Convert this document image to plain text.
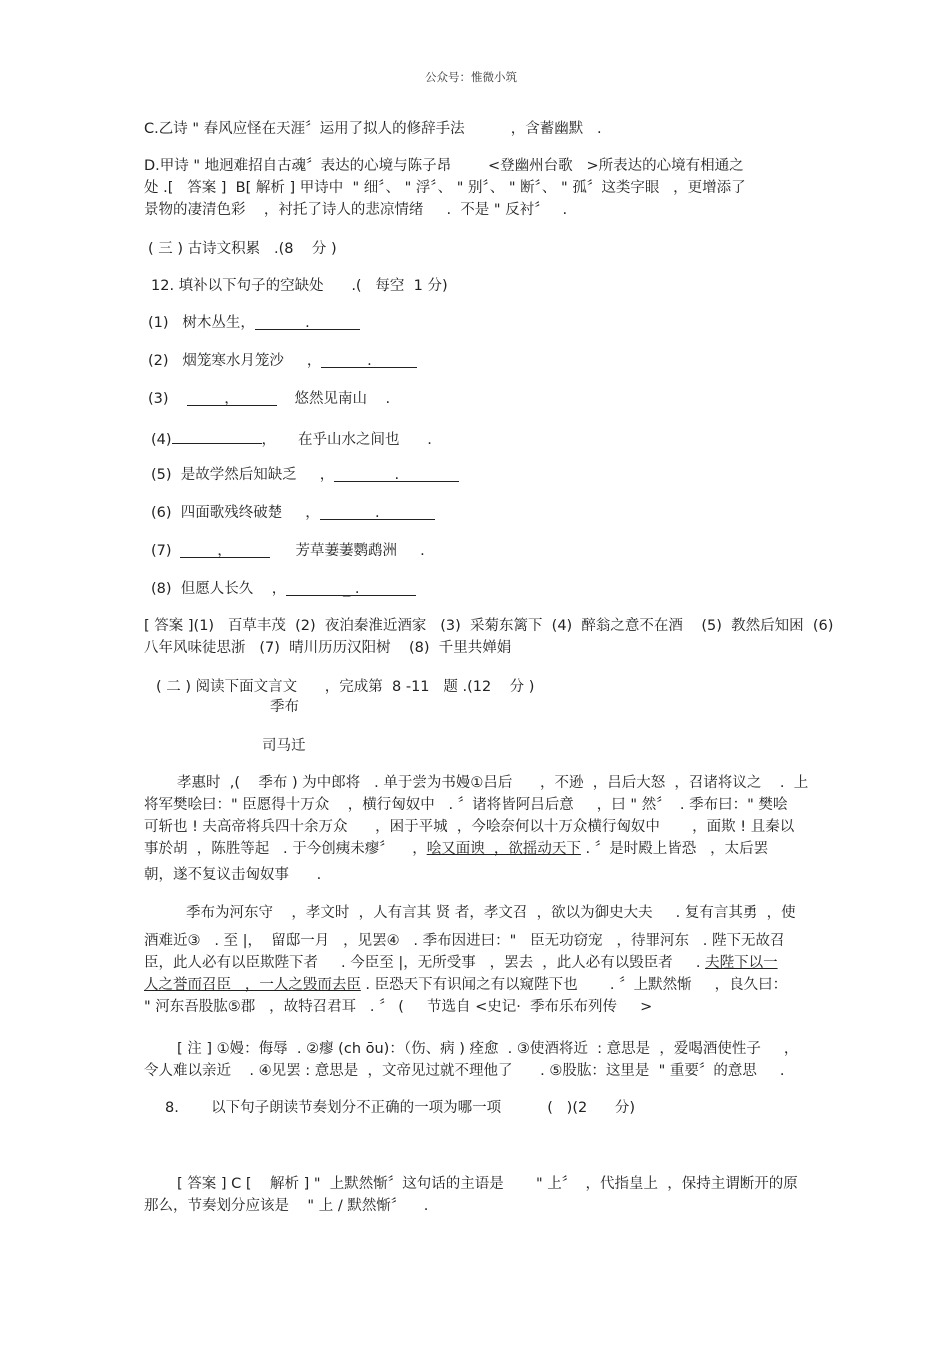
公众号：惟微小筑
C.乙诗 " 春风应怪在天涯〞运用了拟人的修辞手法          ，含蓄幽默   .
D.甲诗 " 地迥难招自古魂〞表达的心境与陈子昂        <登幽州台歌   >所表达的心境有相通之
处 .[   答案 ]  B[ 解析 ] 甲诗中  " 细〞、 " 浮〞、 " 别〞、 " 断〞、 " 孤〞这类字眼   ，更增添了
景物的凄清色彩    ，衬托了诗人的悲凉情绪     .  不是 " 反衬〞   .
( 三 ) 古诗文积累   .(8    分 )
12. 填补以下句子的空缺处      .(   每空  1 分)
(1)   树木丛生，	.
(2)   烟笼寒水月笼沙     ，	.
(3)	，	悠然见南山    .
(4)	， 在乎山水之间也      .
(5)  是故学然后知缺乏     ，	.
(6)  四面歌残终破楚     ，	.
(7)	，	芳草萋萋鹦鹉洲     .
(8)  但愿人长久    ，	_ .
[ 答案 ](1)   百草丰茂  (2)  夜泊秦淮近酒家   (3)  采菊东篱下  (4)  醉翁之意不在酒    (5)  教然后知困  (6)
八年风味徒思浙   (7)  晴川历历汉阳树    (8)  千里共婵娟
( 二 ) 阅读下面文言文      ，完成第  8 -11   题 .(12    分 )
季布
司马迁
孝惠时  ,(    季布 ) 为中郎将   . 单于尝为书嫚①吕后      ，不逊  ，吕后大怒  ，召诸将议之    .  上
将军樊哙曰：" 臣愿得十万众    ，横行匈奴中   . 〞诸将皆阿吕后意     ，曰 " 然〞  . 季布曰：" 樊哙
可斩也 ! 夫高帝将兵四十余万众      ，困于平城  ，今哙奈何以十万众横行匈奴中       ，面欺 ! 且秦以
事於胡  ，陈胜等起   . 于今创痍未瘳〞    ，哙又面谀  ，欲摇动天下 . 〞是时殿上皆恐   ，太后罢
朝，遂不复议击匈奴事      .
季布为河东守    ，孝文时  ，人有言其 贤 者，孝文召  ，欲以为御史大夫     . 复有言其勇  ，使
酒难近③   . 至 |，  留邸一月   ，见罢④   . 季布因进曰："   臣无功窃宠   ，待罪河东   . 陛下无故召
臣，此人必有以臣欺陛下者     . 今臣至 |，无所受事   ，罢去  ，此人必有以毁臣者     . 夫陛下以一
人之誉而召臣   ，一人之毁而去臣 . 臣恐天下有识闻之有以窥陛下也       . 〞上默然惭     ，良久曰：
" 河东吾股肱⑤郡   ，故特召君耳   . 〞 (     节选自 <史记·  季布乐布列传     >
[ 注 ] ①嫚：侮辱  . ②瘳 (ch ōu)：（伤、病 ) 痊愈  . ③使酒将近  : 意思是  ，爱喝酒使性子     ，
令人难以亲近    . ④见罢 : 意思是  ，文帝见过就不理他了      . ⑤股肱：这里是  " 重要〞的意思     .
8.       以下句子朗读节奏划分不正确的一项为哪一项          (   )(2      分)
[ 答案 ] C [    解析 ] "  上默然惭〞这句话的主语是       " 上〞  ，代指皇上  ，保持主谓断开的原
那么，节奏划分应该是    " 上 / 默然惭〞    .
